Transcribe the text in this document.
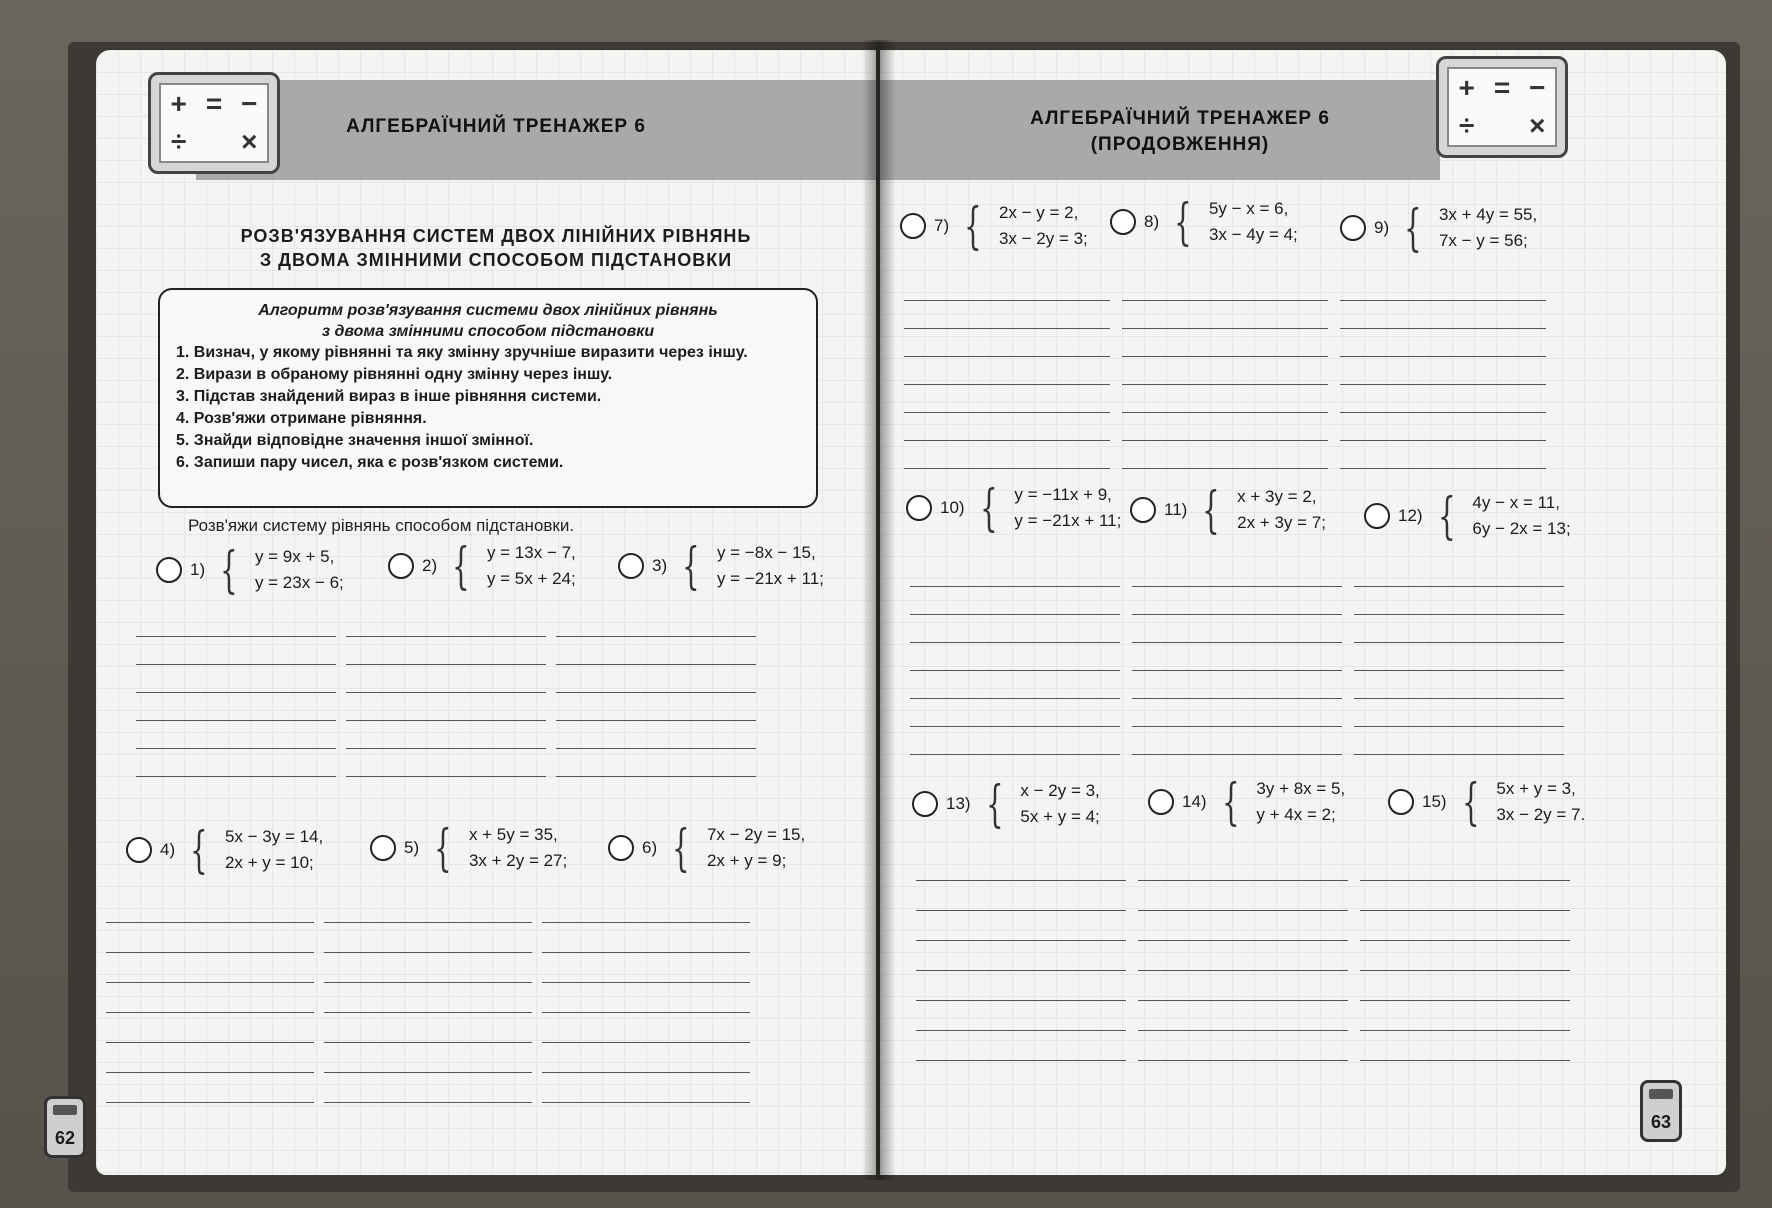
+ = −
÷ ×	АЛГЕБРАЇЧНИЙ ТРЕНАЖЕР 6
РОЗВ'ЯЗУВАННЯ СИСТЕМ ДВОХ ЛІНІЙНИХ РІВНЯНЬ
З ДВОМА ЗМІННИМИ СПОСОБОМ ПІДСТАНОВКИ
Алгоритм розв'язування системи двох лінійних рівнянь
з двома змінними способом підстановки
1. Визнач, у якому рівнянні та яку змінну зручніше виразити через іншу.
2. Вирази в обраному рівнянні одну змінну через іншу.
3. Підстав знайдений вираз в інше рівняння системи.
4. Розв'яжи отримане рівняння.
5. Знайди відповідне значення іншої змінної.
6. Запиши пару чисел, яка є розв'язком системи.
Розв'яжи систему рівнянь способом підстановки.
1) { y = 9x + 5,
y = 23x − 6;
2) { y = 13x − 7,
y = 5x + 24;
3) { y = −8x − 15,
y = −21x + 11;
4) { 5x − 3y = 14,
2x + y = 10;
5) { x + 5y = 35,
3x + 2y = 27;
6) { 7x − 2y = 15,
2x + y = 9;
62
АЛГЕБРАЇЧНИЙ ТРЕНАЖЕР 6
(ПРОДОВЖЕННЯ)
+ = −
÷ ×
7) { 2x − y = 2,
3x − 2y = 3;
8) { 5y − x = 6,
3x − 4y = 4;	9) { 3x + 4y = 55,
7x − y = 56;
10) { y = −11x + 9,
y = −21x + 11;
11) { x + 3y = 2,
2x + 3y = 7;	12) { 4y − x = 11,
6y − 2x = 13;
13) { x − 2y = 3,
5x + y = 4;
14) { 3y + 8x = 5,
y + 4x = 2;
15) { 5x + y = 3,
3x − 2y = 7.
63
